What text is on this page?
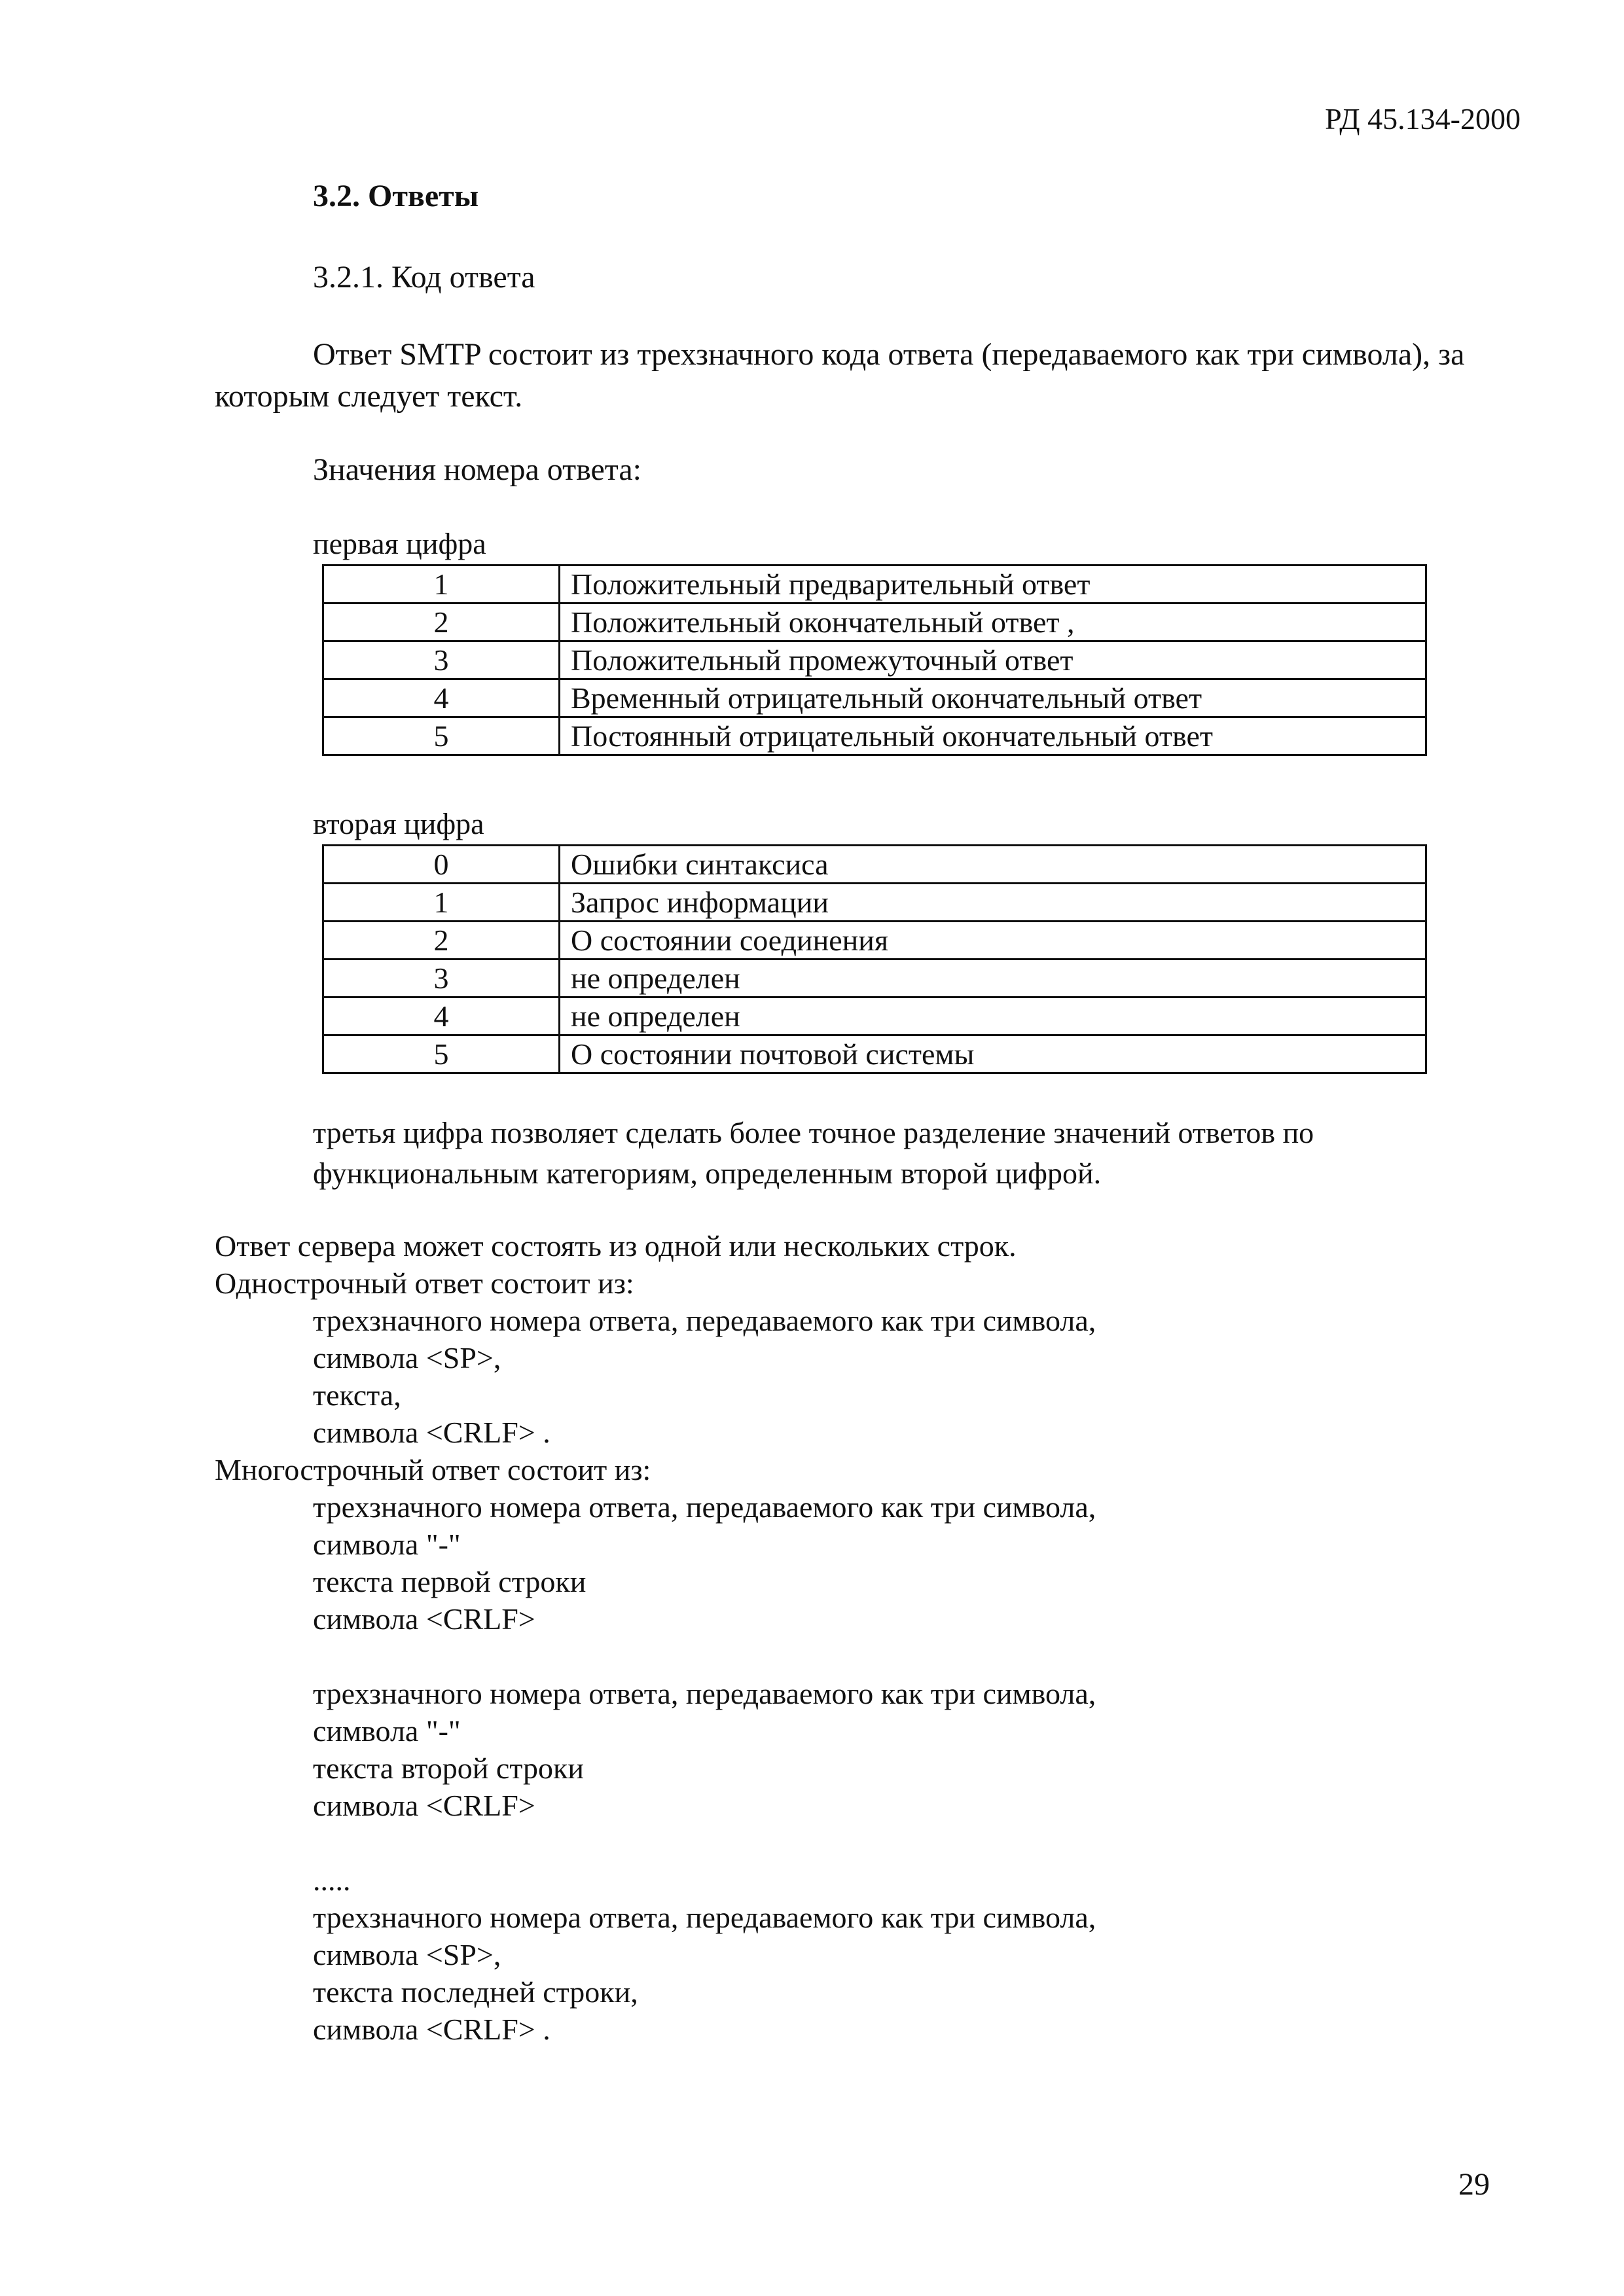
РД 45.134-2000
3.2. Ответы
3.2.1. Код ответа
Ответ SMTP состоит из трехзначного кода ответа (передаваемого как три символа), за которым следует текст.
Значения номера ответа:
первая цифра
1	Положительный предварительный ответ
2	Положительный окончательный ответ ,
3	Положительный промежуточный ответ
4	Временный отрицательный окончательный ответ
5	Постоянный отрицательный окончательный ответ
вторая цифра
0	Ошибки синтаксиса
1	Запрос информации
2	О состоянии соединения
3	не определен
4	не определен
5	О состоянии почтовой системы
третья цифра позволяет сделать более точное разделение значений ответов по функциональным категориям, определенным второй цифрой.
Ответ сервера может состоять из одной или нескольких строк.
Однострочный ответ состоит из:
трехзначного номера ответа, передаваемого как три символа,
символа <SP>,
текста,
символа <CRLF> .
Многострочный ответ состоит из:
трехзначного номера ответа, передаваемого как три символа,
символа "-"
текста первой строки
символа <CRLF>
трехзначного номера ответа, передаваемого как три символа,
символа "-"
текста второй строки
символа <CRLF>
.....
трехзначного номера ответа, передаваемого как три символа,
символа <SP>,
текста последней строки,
символа <CRLF> .
29
